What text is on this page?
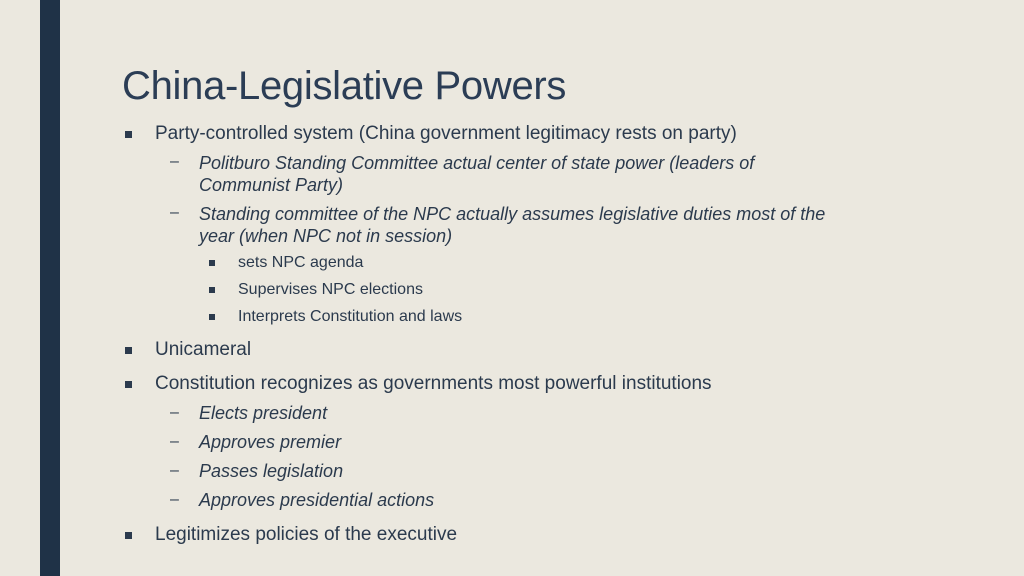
China-Legislative Powers
Party-controlled system (China government legitimacy rests on party)
– Politburo Standing Committee actual center of state power (leaders of
Communist Party)
– Standing committee of the NPC actually assumes legislative duties most of the
year (when NPC not in session)
sets NPC agenda
Supervises NPC elections
Interprets Constitution and laws
Unicameral
Constitution recognizes as governments most powerful institutions
– Elects president
– Approves premier
– Passes legislation
– Approves presidential actions
Legitimizes policies of the executive
